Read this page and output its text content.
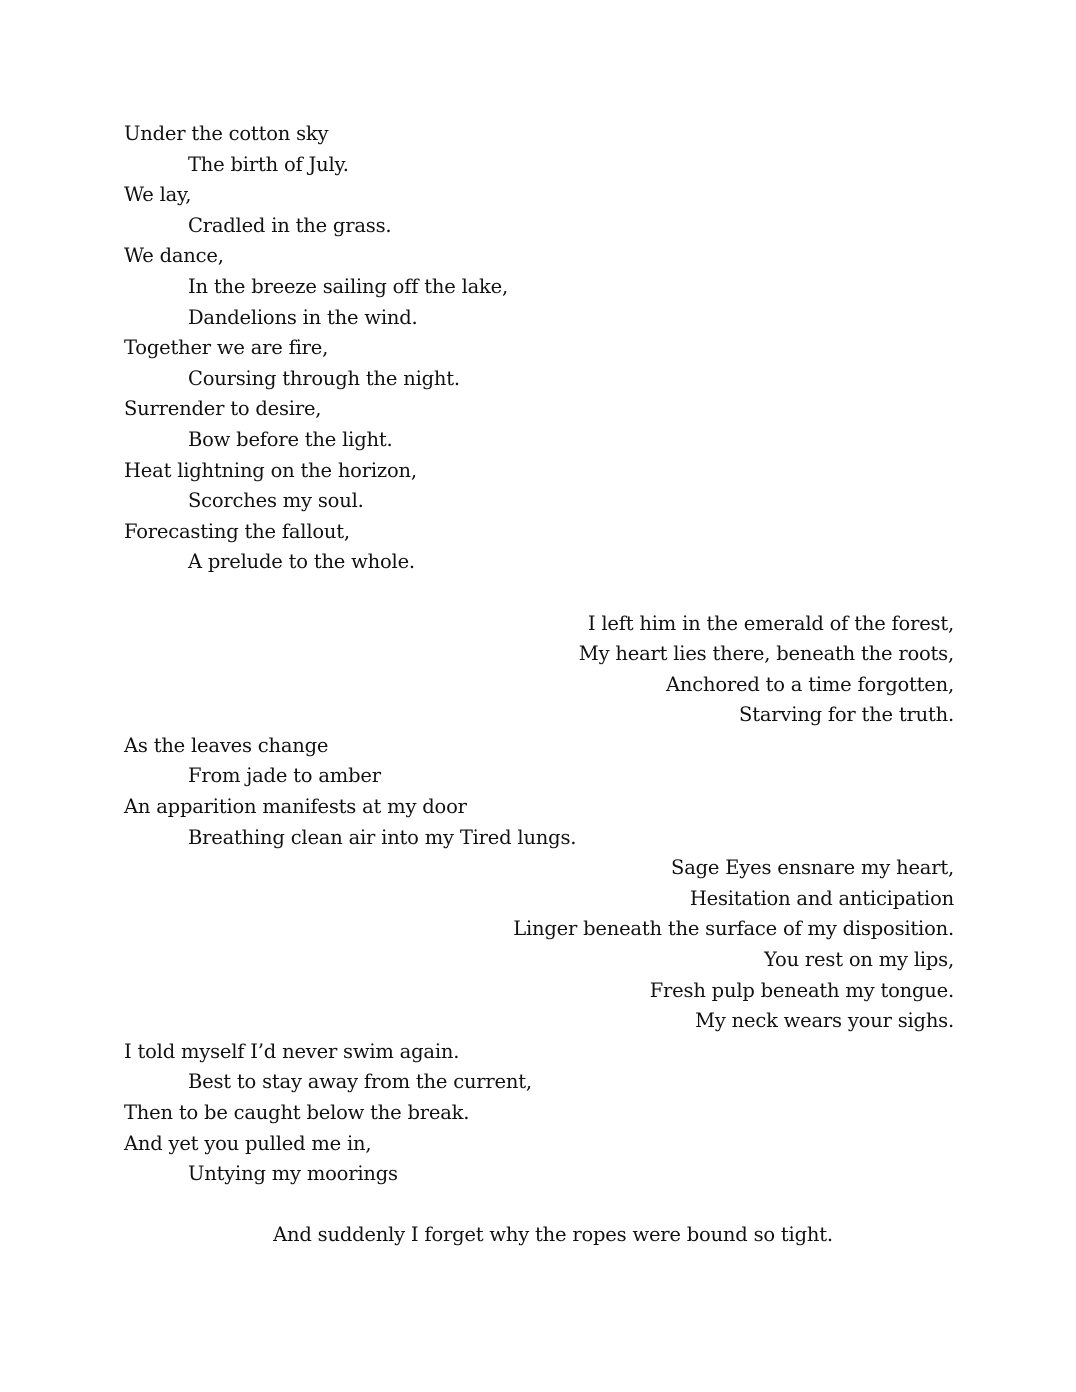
Under the cotton sky
The birth of July.
We lay,
Cradled in the grass.
We dance,
In the breeze sailing off the lake,
Dandelions in the wind.
Together we are fire,
Coursing through the night.
Surrender to desire,
Bow before the light.
Heat lightning on the horizon,
Scorches my soul.
Forecasting the fallout,
A prelude to the whole.
I left him in the emerald of the forest,
My heart lies there, beneath the roots,
Anchored to a time forgotten,
Starving for the truth.
As the leaves change
From jade to amber
An apparition manifests at my door
Breathing clean air into my Tired lungs.
Sage Eyes ensnare my heart,
Hesitation and anticipation
Linger beneath the surface of my disposition.
You rest on my lips,
Fresh pulp beneath my tongue.
My neck wears your sighs.
I told myself I’d never swim again.
Best to stay away from the current,
Then to be caught below the break.
And yet you pulled me in,
Untying my moorings
And suddenly I forget why the ropes were bound so tight.
